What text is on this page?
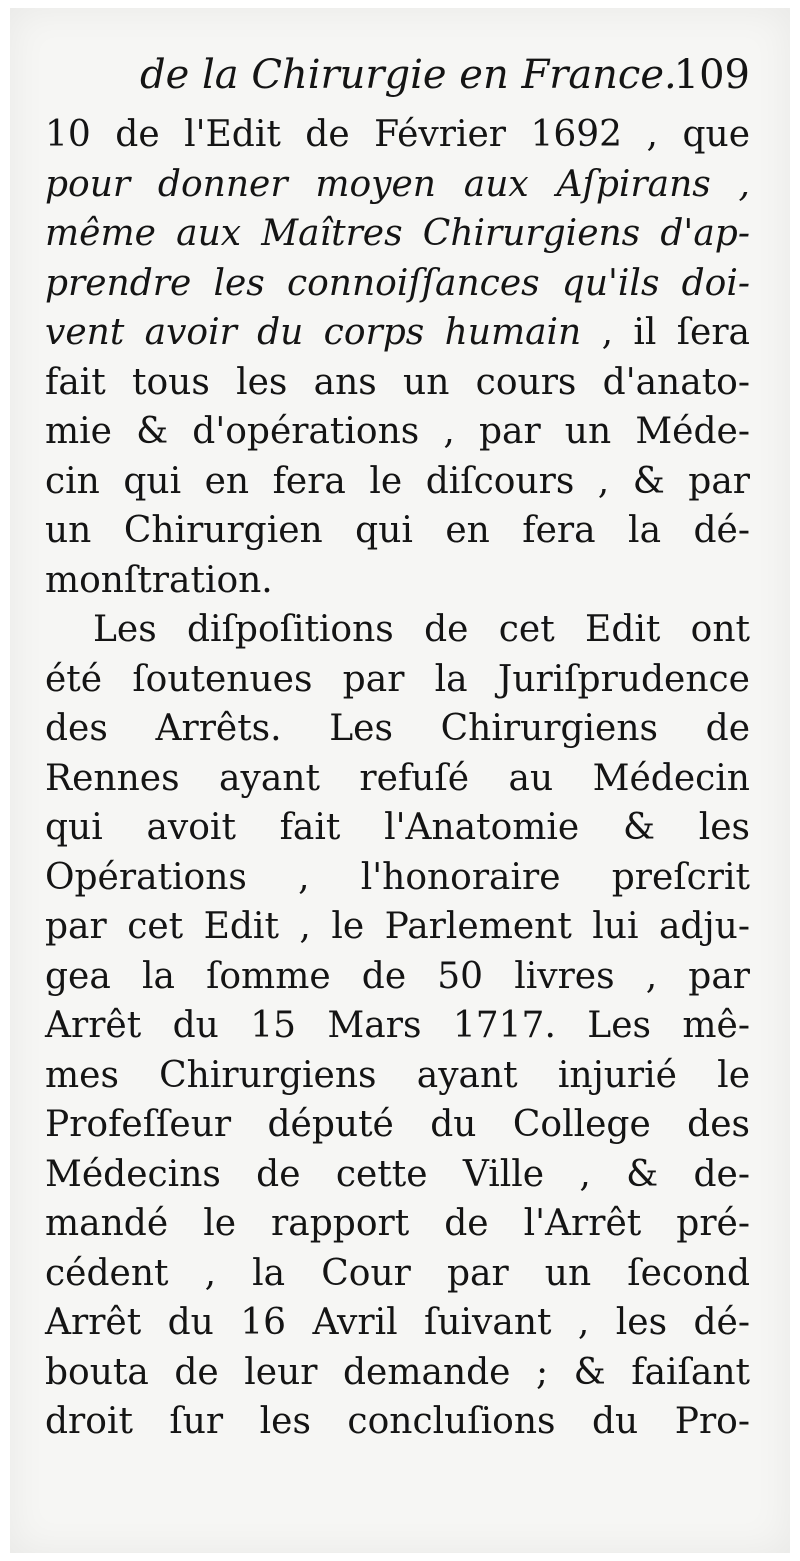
de la Chirurgie en France.
109
10 de l'Edit de Février 1692 , que
pour donner moyen aux Aſpirans ,
même aux Maîtres Chirurgiens d'ap-
prendre les connoiſſances qu'ils doi-
vent avoir du corps humain , il ſera
fait tous les ans un cours d'anato-
mie & d'opérations , par un Méde-
cin qui en fera le diſcours , & par
un Chirurgien qui en fera la dé-
monſtration.
Les diſpoſitions de cet Edit ont
été ſoutenues par la Juriſprudence
des Arrêts. Les Chirurgiens de
Rennes ayant refuſé au Médecin
qui avoit fait l'Anatomie & les
Opérations , l'honoraire preſcrit
par cet Edit , le Parlement lui adju-
gea la ſomme de 50 livres , par
Arrêt du 15 Mars 1717. Les mê-
mes Chirurgiens ayant injurié le
Profeſſeur député du College des
Médecins de cette Ville , & de-
mandé le rapport de l'Arrêt pré-
cédent , la Cour par un ſecond
Arrêt du 16 Avril ſuivant , les dé-
bouta de leur demande ; & faiſant
droit ſur les concluſions du Pro-
